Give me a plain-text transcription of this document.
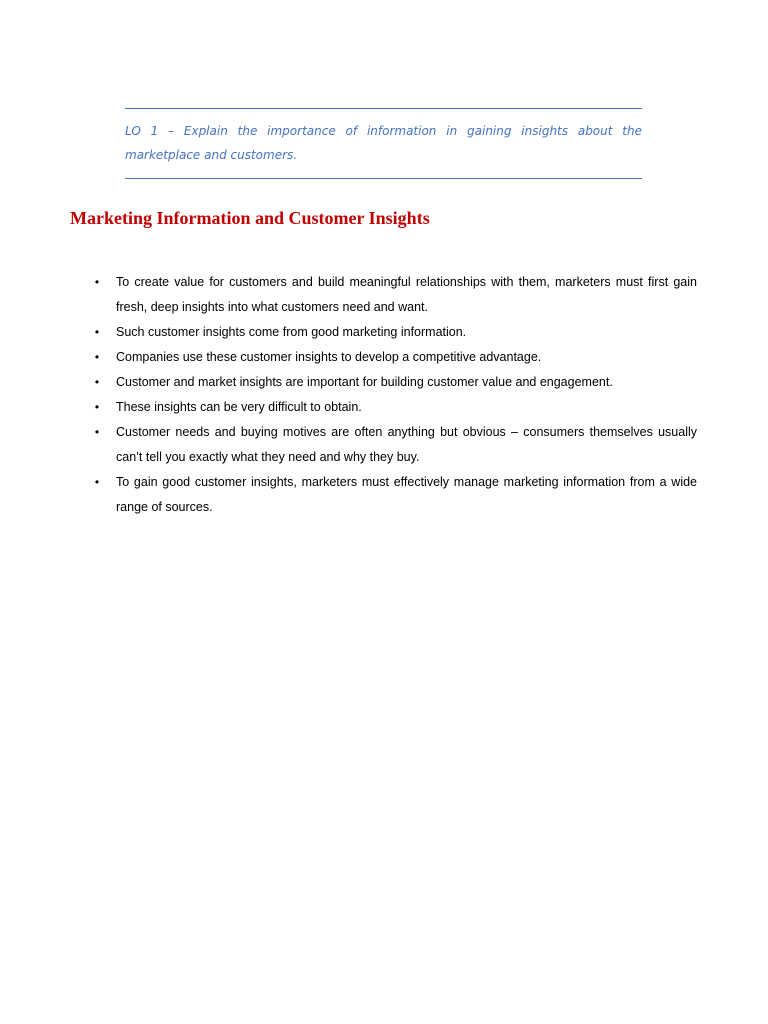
LO 1 – Explain the importance of information in gaining insights about the marketplace and customers.

Marketing Information and Customer Insights
• To create value for customers and build meaningful relationships with them, marketers must first gain fresh, deep insights into what customers need and want.
• Such customer insights come from good marketing information.
• Companies use these customer insights to develop a competitive advantage.
• Customer and market insights are important for building customer value and engagement.
• These insights can be very difficult to obtain.
• Customer needs and buying motives are often anything but obvious – consumers themselves usually can’t tell you exactly what they need and why they buy.
• To gain good customer insights, marketers must effectively manage marketing information from a wide range of sources.
